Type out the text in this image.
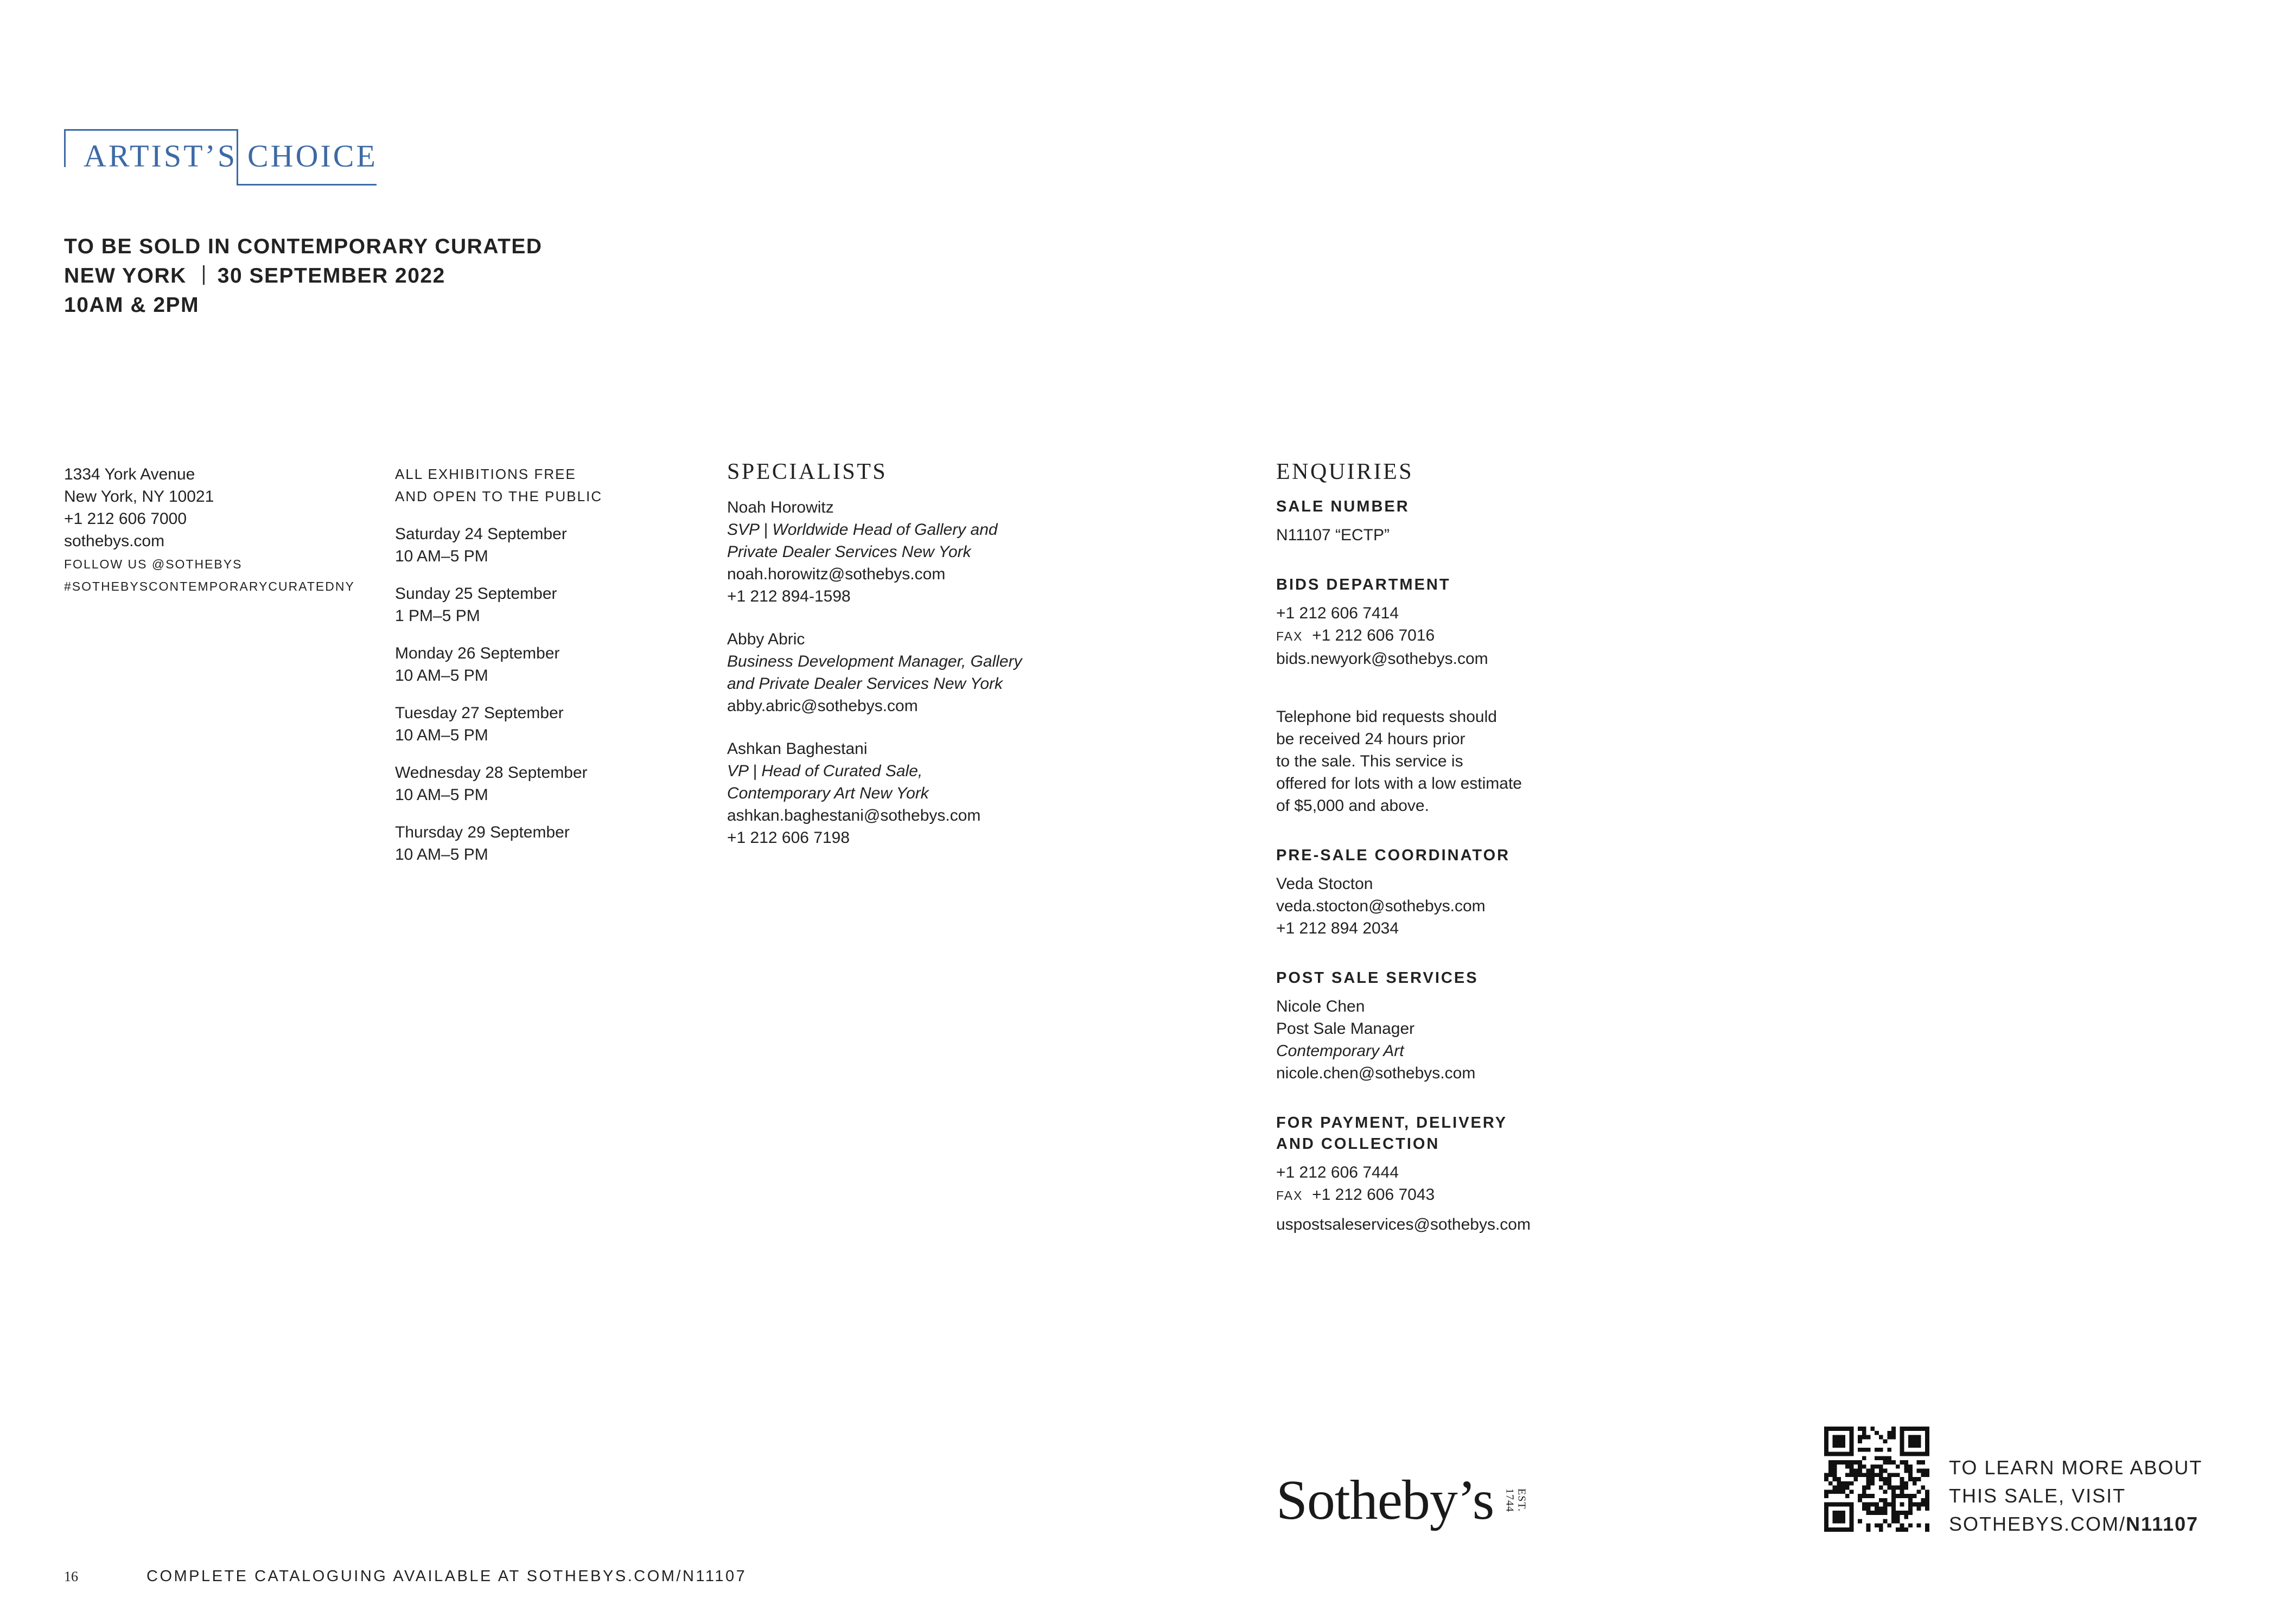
ARTIST’S CHOICE
TO BE SOLD IN CONTEMPORARY CURATED
NEW YORK 30 SEPTEMBER 2022
10AM & 2PM
1334 York Avenue
New York, NY 10021
+1 212 606 7000
sothebys.com
FOLLOW US @SOTHEBYS
#SOTHEBYSCONTEMPORARYCURATEDNY
ALL EXHIBITIONS FREE
AND OPEN TO THE PUBLIC
Saturday 24 September
10 AM–5 PM
Sunday 25 September
1 PM–5 PM
Monday 26 September
10 AM–5 PM
Tuesday 27 September
10 AM–5 PM
Wednesday 28 September
10 AM–5 PM
Thursday 29 September
10 AM–5 PM
SPECIALISTS
Noah Horowitz
SVP | Worldwide Head of Gallery and
Private Dealer Services New York
noah.horowitz@sothebys.com
+1 212 894-1598
Abby Abric
Business Development Manager, Gallery
and Private Dealer Services New York
abby.abric@sothebys.com
Ashkan Baghestani
VP | Head of Curated Sale,
Contemporary Art New York
ashkan.baghestani@sothebys.com
+1 212 606 7198
ENQUIRIES
SALE NUMBER
N11107 “ECTP”
BIDS DEPARTMENT
+1 212 606 7414
FAX +1 212 606 7016
bids.newyork@sothebys.com
Telephone bid requests should
be received 24 hours prior
to the sale. This service is
offered for lots with a low estimate
of $5,000 and above.
PRE-SALE COORDINATOR
Veda Stocton
veda.stocton@sothebys.com
+1 212 894 2034
POST SALE SERVICES
Nicole Chen
Post Sale Manager
Contemporary Art
nicole.chen@sothebys.com
FOR PAYMENT, DELIVERY
AND COLLECTION
+1 212 606 7444
FAX +1 212 606 7043
uspostsaleservices@sothebys.com
Sotheby’s EST. 1744
TO LEARN MORE ABOUT
THIS SALE, VISIT
SOTHEBYS.COM/N11107
16	COMPLETE CATALOGUING AVAILABLE AT SOTHEBYS.COM/N11107
